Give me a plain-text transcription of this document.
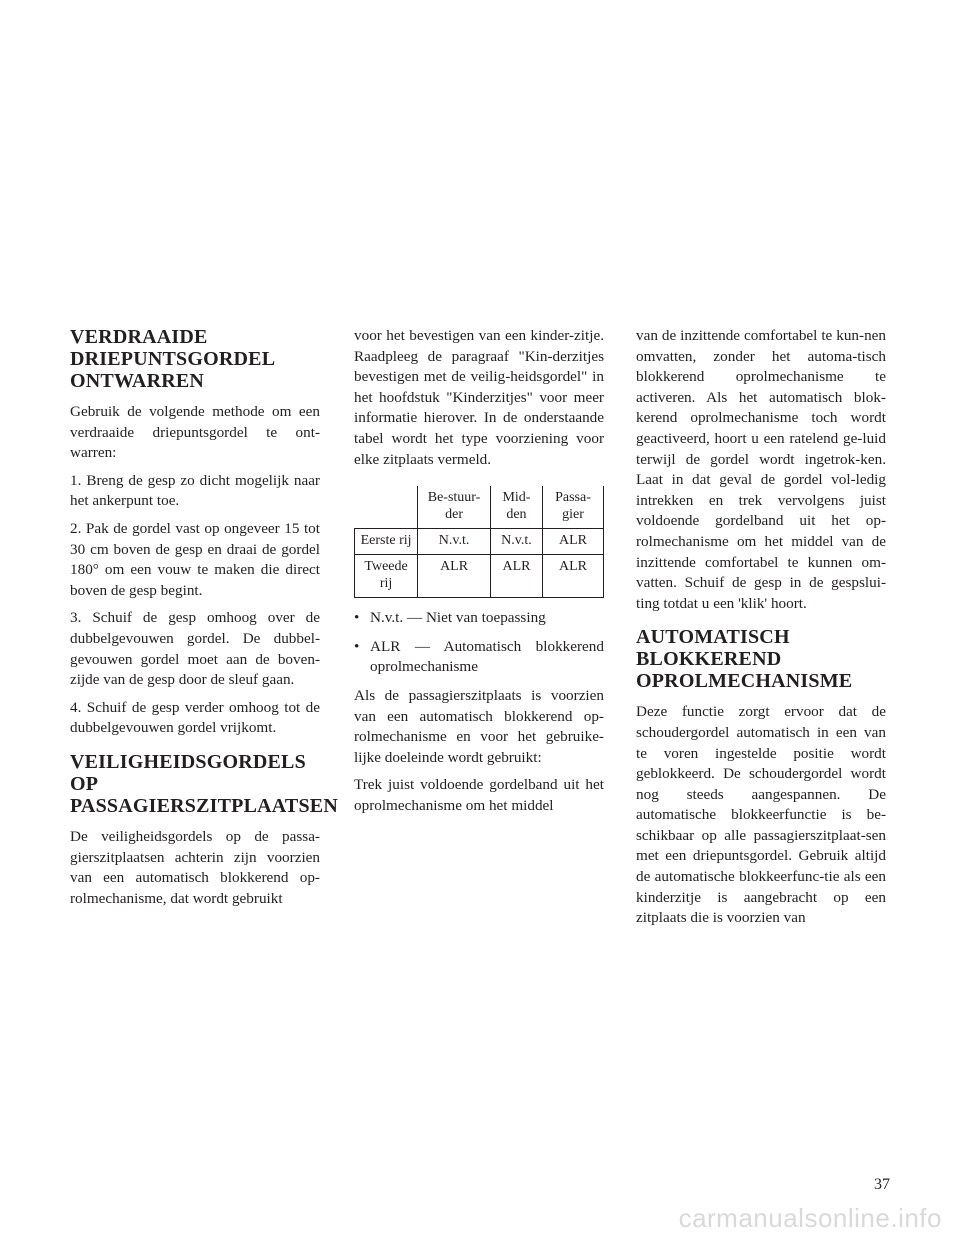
VERDRAAIDE DRIEPUNTSGORDEL ONTWARREN

Gebruik de volgende methode om een verdraaide driepuntsgordel te ont-warren:

1. Breng de gesp zo dicht mogelijk naar het ankerpunt toe.

2. Pak de gordel vast op ongeveer 15 tot 30 cm boven de gesp en draai de gordel 180° om een vouw te maken die direct boven de gesp begint.

3. Schuif de gesp omhoog over de dubbelgevouwen gordel. De dubbel-gevouwen gordel moet aan de boven-zijde van de gesp door de sleuf gaan.

4. Schuif de gesp verder omhoog tot de dubbelgevouwen gordel vrijkomt.

VEILIGHEIDSGORDELS OP PASSAGIERSZITPLAATSEN

De veiligheidsgordels op de passa-gierszitplaatsen achterin zijn voorzien van een automatisch blokkerend op-rolmechanisme, dat wordt gebruikt

voor het bevestigen van een kinder-zitje. Raadpleeg de paragraaf "Kin-derzitjes bevestigen met de veilig-heidsgordel" in het hoofdstuk "Kinderzitjes" voor meer informatie hierover. In de onderstaande tabel wordt het type voorziening voor elke zitplaats vermeld.

	Be-stuur-der	Mid-den	Passa-gier
Eerste rij	N.v.t.	N.v.t.	ALR
Tweede rij	ALR	ALR	ALR
• N.v.t. — Niet van toepassing
• ALR — Automatisch blokkerend oprolmechanisme

Als de passagierszitplaats is voorzien van een automatisch blokkerend op-rolmechanisme en voor het gebruike-lijke doeleinde wordt gebruikt:

Trek juist voldoende gordelband uit het oprolmechanisme om het middel

van de inzittende comfortabel te kun-nen omvatten, zonder het automa-tisch blokkerend oprolmechanisme te activeren. Als het automatisch blok-kerend oprolmechanisme toch wordt geactiveerd, hoort u een ratelend ge-luid terwijl de gordel wordt ingetrok-ken. Laat in dat geval de gordel vol-ledig intrekken en trek vervolgens juist voldoende gordelband uit het op-rolmechanisme om het middel van de inzittende comfortabel te kunnen om-vatten. Schuif de gesp in de gespslui-ting totdat u een 'klik' hoort.

AUTOMATISCH BLOKKEREND OPROLMECHANISME

Deze functie zorgt ervoor dat de schoudergordel automatisch in een van te voren ingestelde positie wordt geblokkeerd. De schoudergordel wordt nog steeds aangespannen. De automatische blokkeerfunctie is be-schikbaar op alle passagierszitplaat-sen met een driepuntsgordel. Gebruik altijd de automatische blokkeerfunc-tie als een kinderzitje is aangebracht op een zitplaats die is voorzien van

37
carmanualsonline.info
